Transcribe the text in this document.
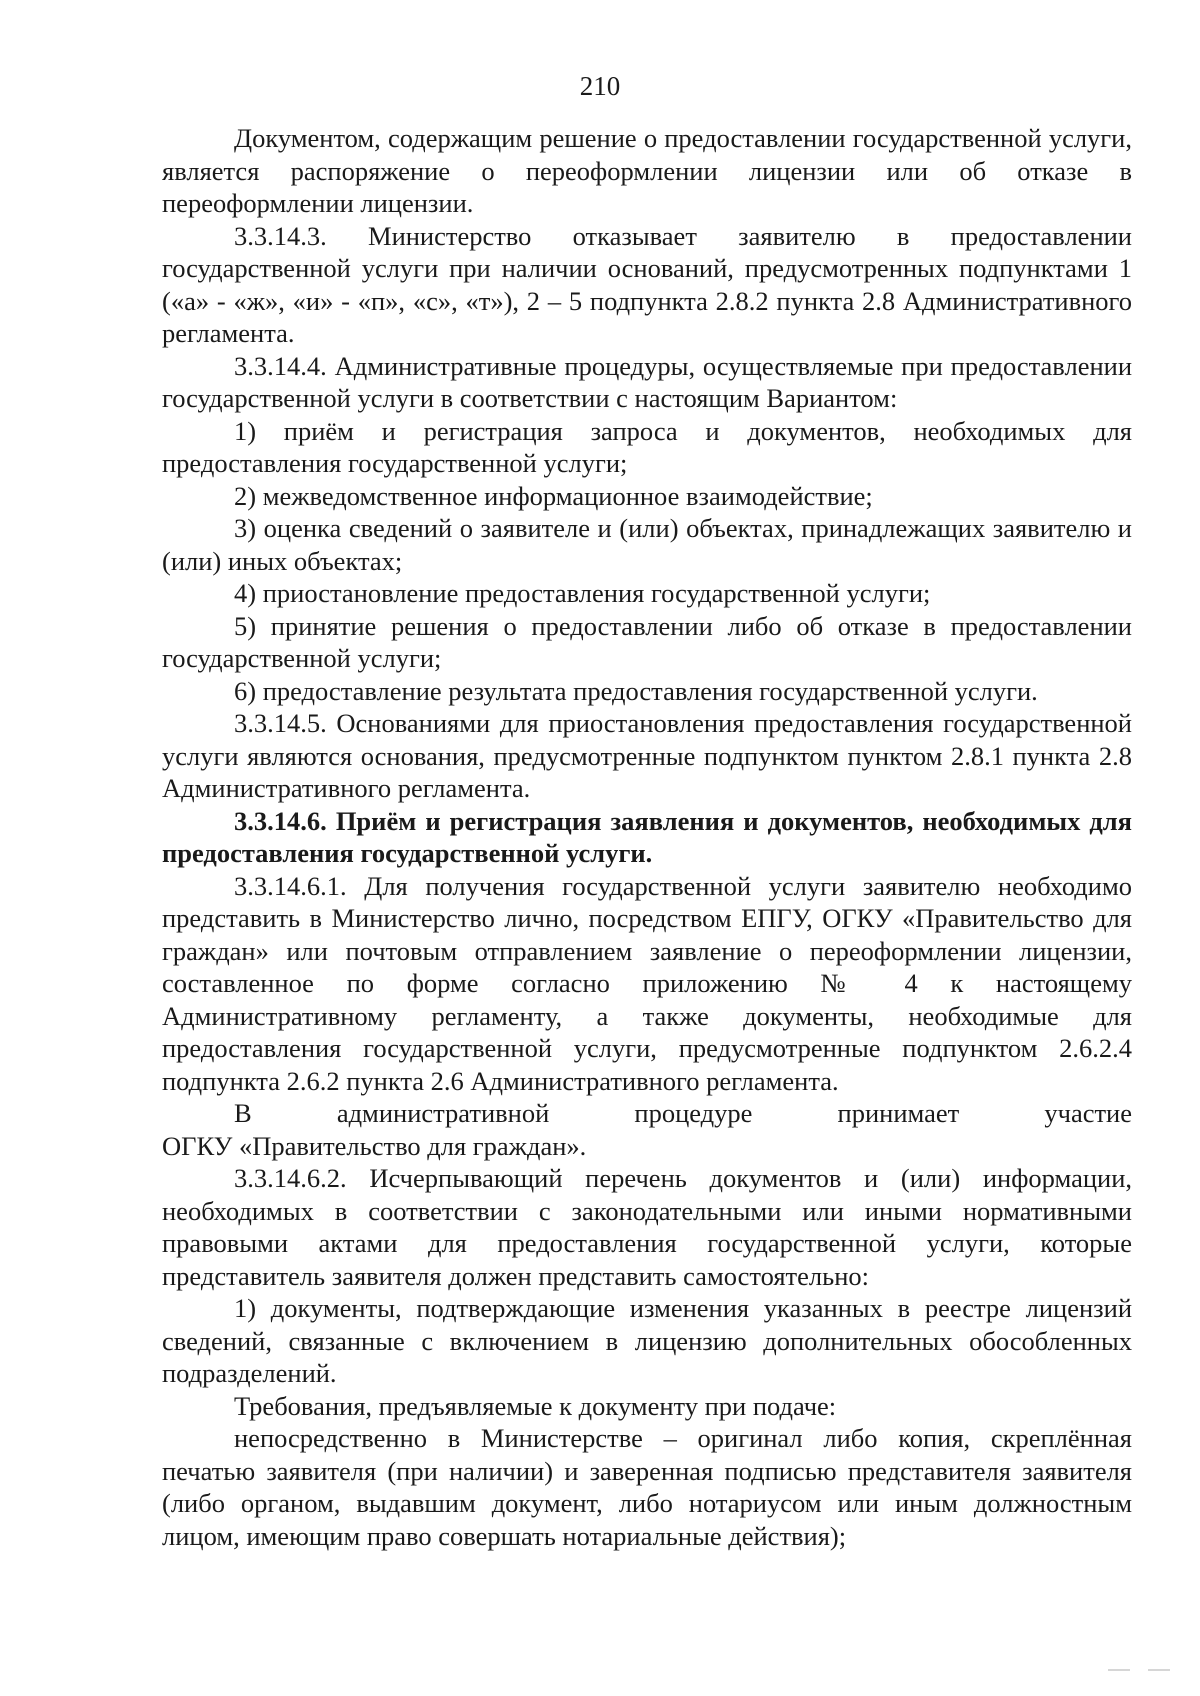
210

Документом, содержащим решение о предоставлении государственной услуги, является распоряжение о переоформлении лицензии или об отказе в переоформлении лицензии.

3.3.14.3. Министерство отказывает заявителю в предоставлении государственной услуги при наличии оснований, предусмотренных подпунктами 1 («а» - «ж», «и» - «п», «с», «т»), 2 – 5 подпункта 2.8.2 пункта 2.8 Административного регламента.

3.3.14.4. Административные процедуры, осуществляемые при предоставлении государственной услуги в соответствии с настоящим Вариантом:

1) приём и регистрация запроса и документов, необходимых для предоставления государственной услуги;

2) межведомственное информационное взаимодействие;

3) оценка сведений о заявителе и (или) объектах, принадлежащих заявителю и (или) иных объектах;

4) приостановление предоставления государственной услуги;

5) принятие решения о предоставлении либо об отказе в предоставлении государственной услуги;

6) предоставление результата предоставления государственной услуги.

3.3.14.5. Основаниями для приостановления предоставления государственной услуги являются основания, предусмотренные подпунктом пунктом 2.8.1 пункта 2.8 Административного регламента.

3.3.14.6. Приём и регистрация заявления и документов, необходимых для предоставления государственной услуги.

3.3.14.6.1. Для получения государственной услуги заявителю необходимо представить в Министерство лично, посредством ЕПГУ, ОГКУ «Правительство для граждан» или почтовым отправлением заявление о переоформлении лицензии, составленное по форме согласно приложению № 4 к настоящему Административному регламенту, а также документы, необходимые для предоставления государственной услуги, предусмотренные подпунктом 2.6.2.4 подпункта 2.6.2 пункта 2.6 Административного регламента.

В административной процедуре принимает участие

ОГКУ «Правительство для граждан».

3.3.14.6.2. Исчерпывающий перечень документов и (или) информации, необходимых в соответствии с законодательными или иными нормативными правовыми актами для предоставления государственной услуги, которые представитель заявителя должен представить самостоятельно:

1) документы, подтверждающие изменения указанных в реестре лицензий сведений, связанные с включением в лицензию дополнительных обособленных подразделений.

Требования, предъявляемые к документу при подаче:

непосредственно в Министерстве – оригинал либо копия, скреплённая печатью заявителя (при наличии) и заверенная подписью представителя заявителя (либо органом, выдавшим документ, либо нотариусом или иным должностным лицом, имеющим право совершать нотариальные действия);
